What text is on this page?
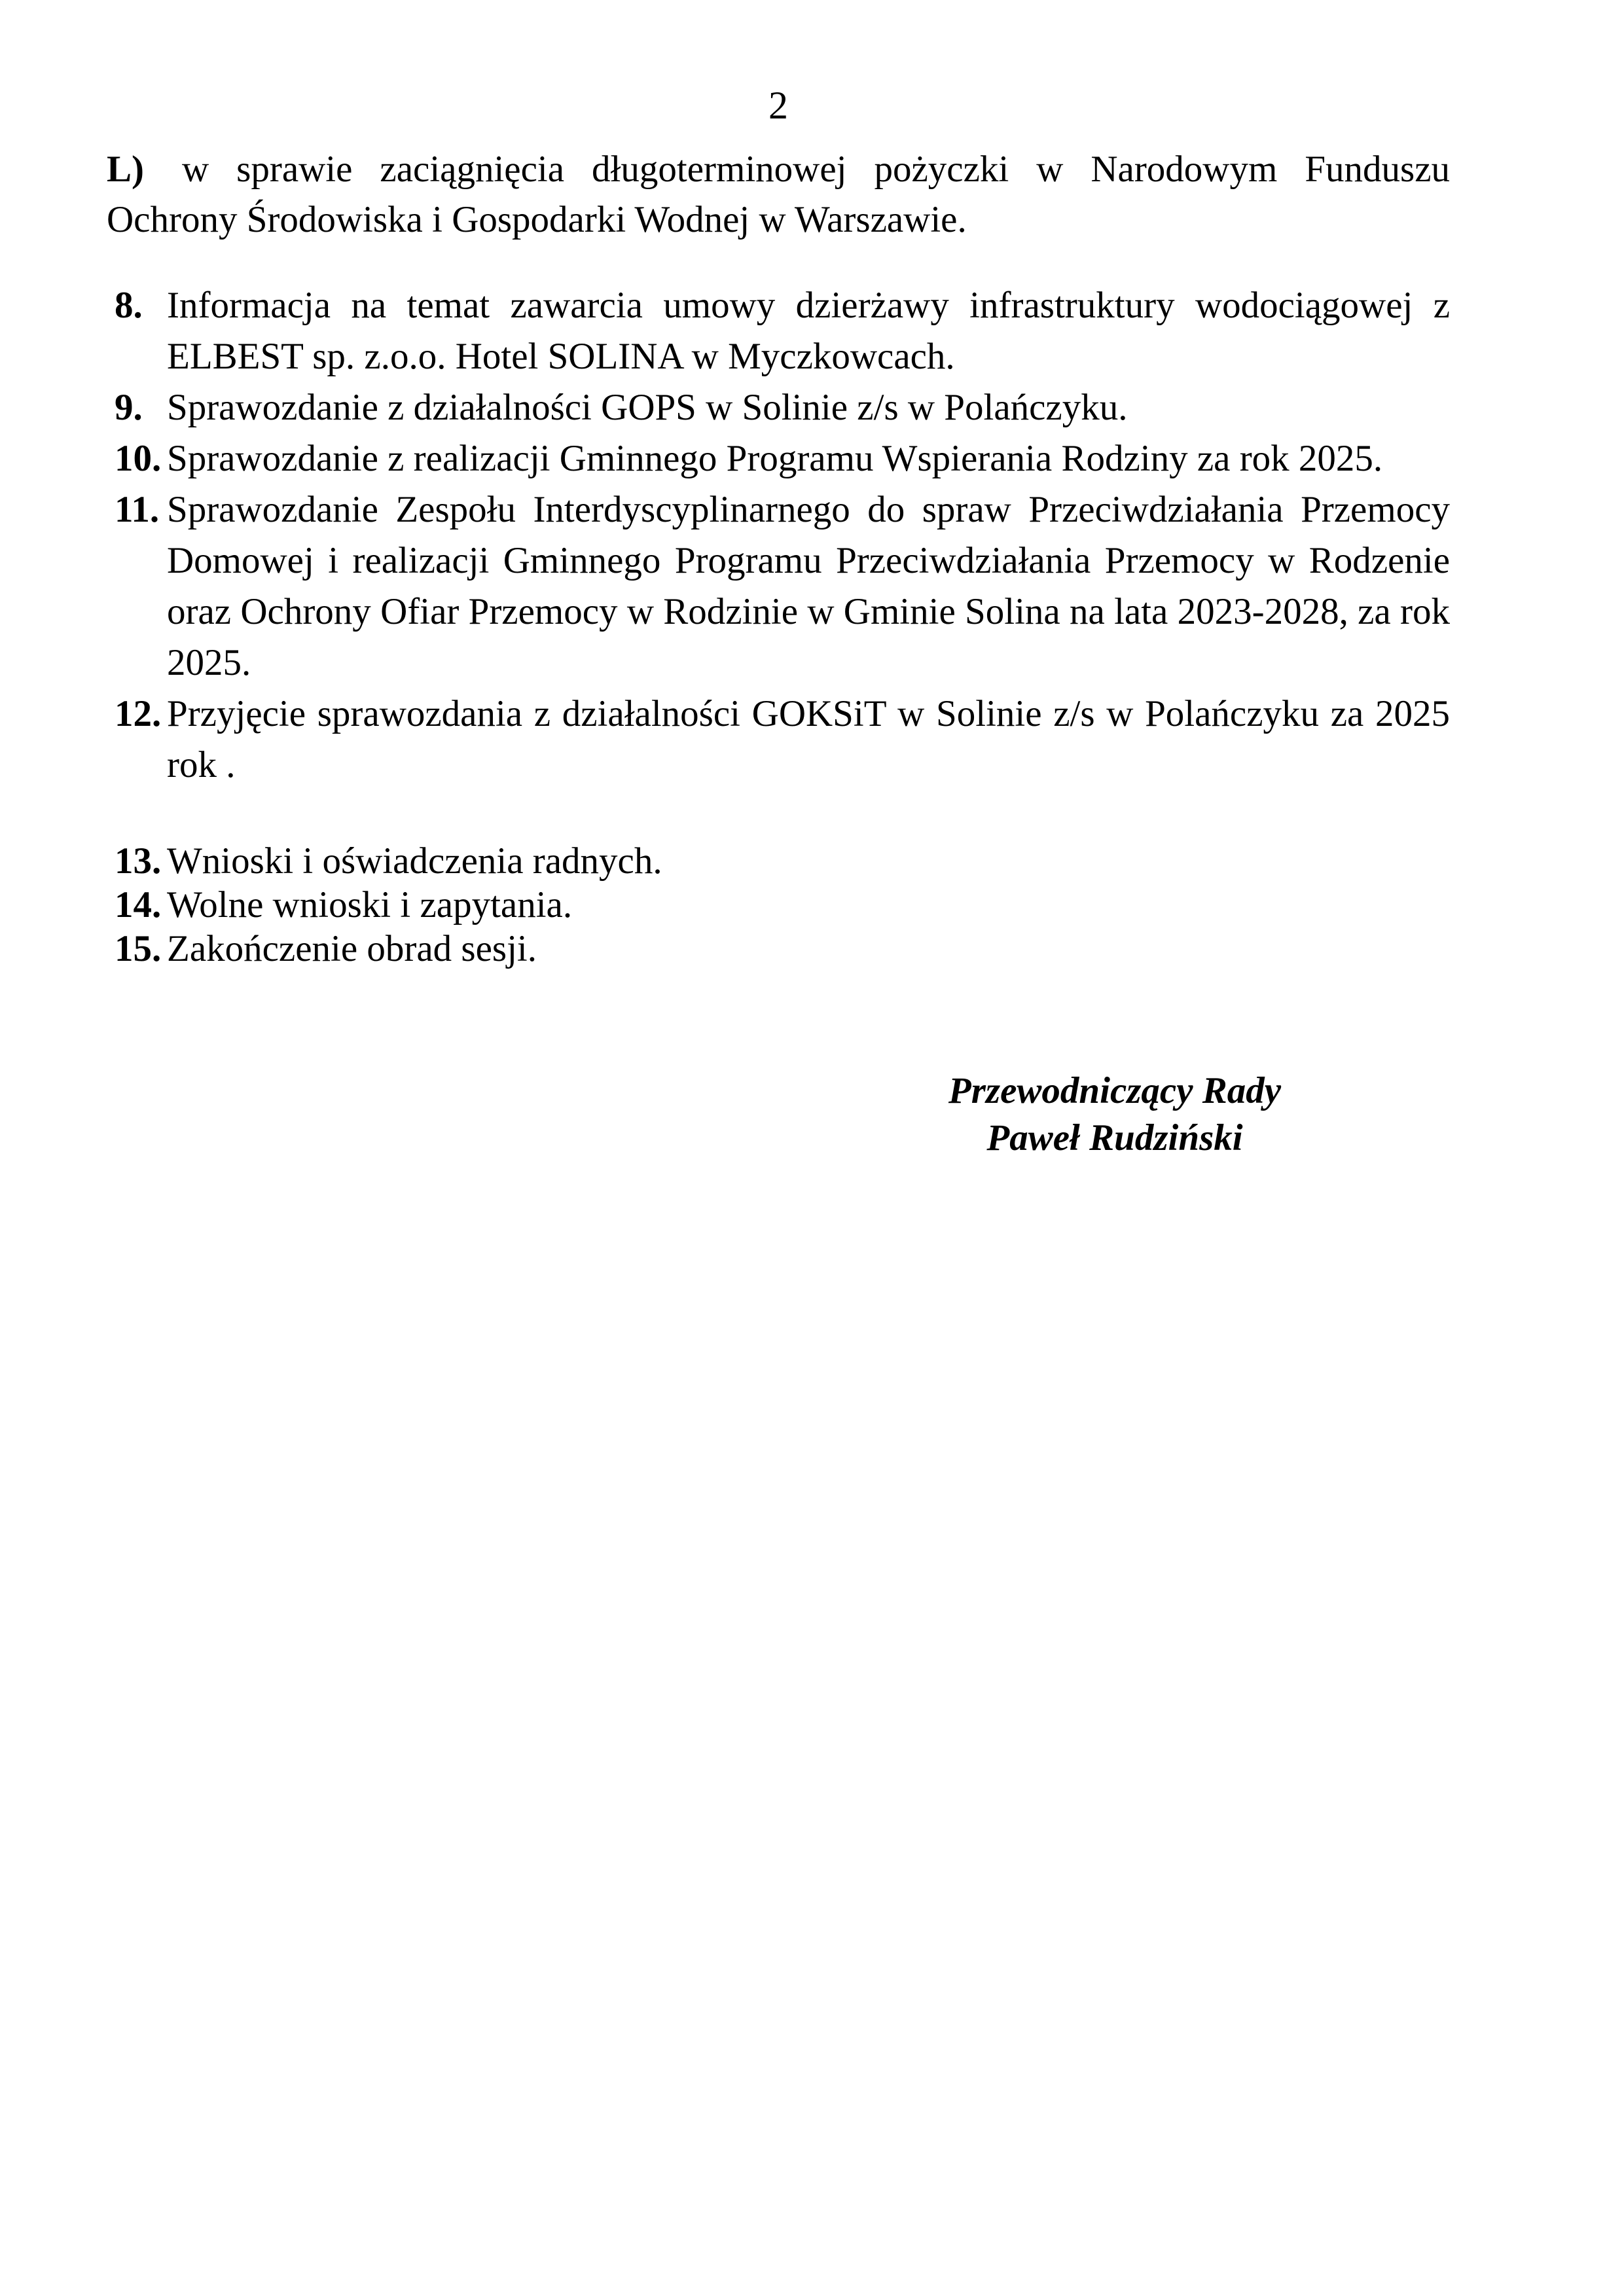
2

L) w sprawie zaciągnięcia długoterminowej pożyczki w Narodowym Funduszu Ochrony Środowiska i Gospodarki Wodnej w Warszawie.

8. Informacja na temat zawarcia umowy dzierżawy infrastruktury wodociągowej z ELBEST sp. z.o.o. Hotel SOLINA w Myczkowcach.
9. Sprawozdanie z działalności GOPS w Solinie z/s w Polańczyku.
10. Sprawozdanie z realizacji Gminnego Programu Wspierania Rodziny za rok 2025.
11. Sprawozdanie Zespołu Interdyscyplinarnego do spraw Przeciwdziałania Przemocy Domowej i realizacji Gminnego Programu Przeciwdziałania Przemocy w Rodzenie oraz Ochrony Ofiar Przemocy w Rodzinie w Gminie Solina na lata 2023-2028, za rok 2025.
12. Przyjęcie sprawozdania z działalności GOKSiT w Solinie z/s w Polańczyku za 2025 rok .
13. Wnioski i oświadczenia radnych.
14. Wolne wnioski i zapytania.
15. Zakończenie obrad sesji.
Przewodniczący Rady
Paweł Rudziński
